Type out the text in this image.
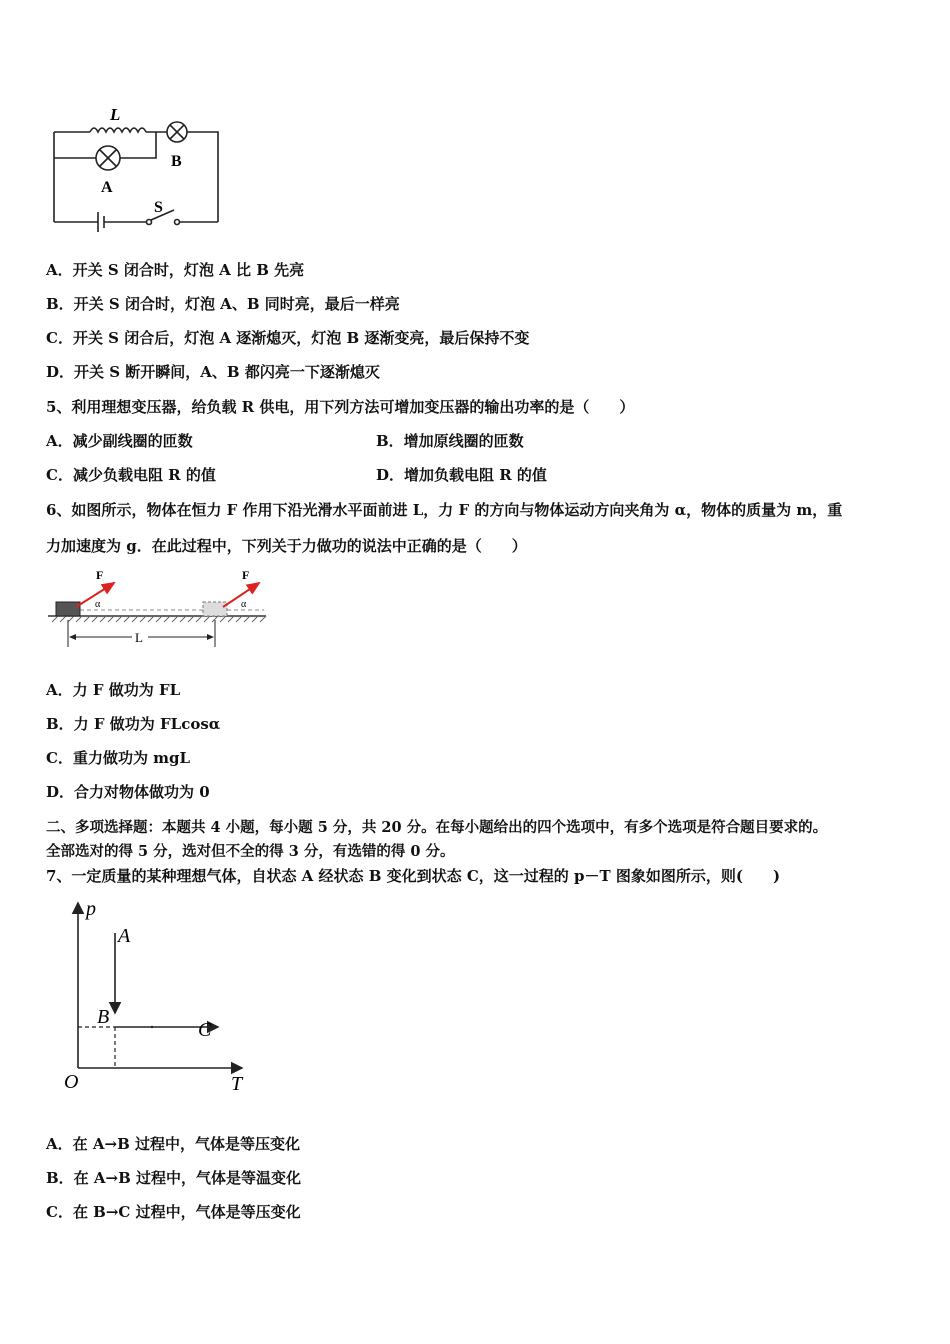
L
B
A
S
A．开关 S 闭合时，灯泡 A 比 B 先亮
B．开关 S 闭合时，灯泡 A、B 同时亮，最后一样亮
C．开关 S 闭合后，灯泡 A 逐渐熄灭，灯泡 B 逐渐变亮，最后保持不变
D．开关 S 断开瞬间，A、B 都闪亮一下逐渐熄灭
5、利用理想变压器，给负载 R 供电，用下列方法可增加变压器的输出功率的是（　　）
A．减少副线圈的匝数	B．增加原线圈的匝数
C．减少负载电阻 R 的值	D．增加负载电阻 R 的值
6、如图所示，物体在恒力 F 作用下沿光滑水平面前进 L，力 F 的方向与物体运动方向夹角为 α，物体的质量为 m，重
力加速度为 g．在此过程中，下列关于力做功的说法中正确的是（　　）
F	F
α	α
L
A．力 F 做功为 FL
B．力 F 做功为 FLcosα
C．重力做功为 mgL
D．合力对物体做功为 0
二、多项选择题：本题共 4 小题，每小题 5 分，共 20 分。在每小题给出的四个选项中，有多个选项是符合题目要求的。
全部选对的得 5 分，选对但不全的得 3 分，有选错的得 0 分。
7、一定质量的某种理想气体，自状态 A 经状态 B 变化到状态 C，这一过程的 p－T 图象如图所示，则(　　)
p
T
O
A
B
C
A．在 A→B 过程中，气体是等压变化
B．在 A→B 过程中，气体是等温变化
C．在 B→C 过程中，气体是等压变化
